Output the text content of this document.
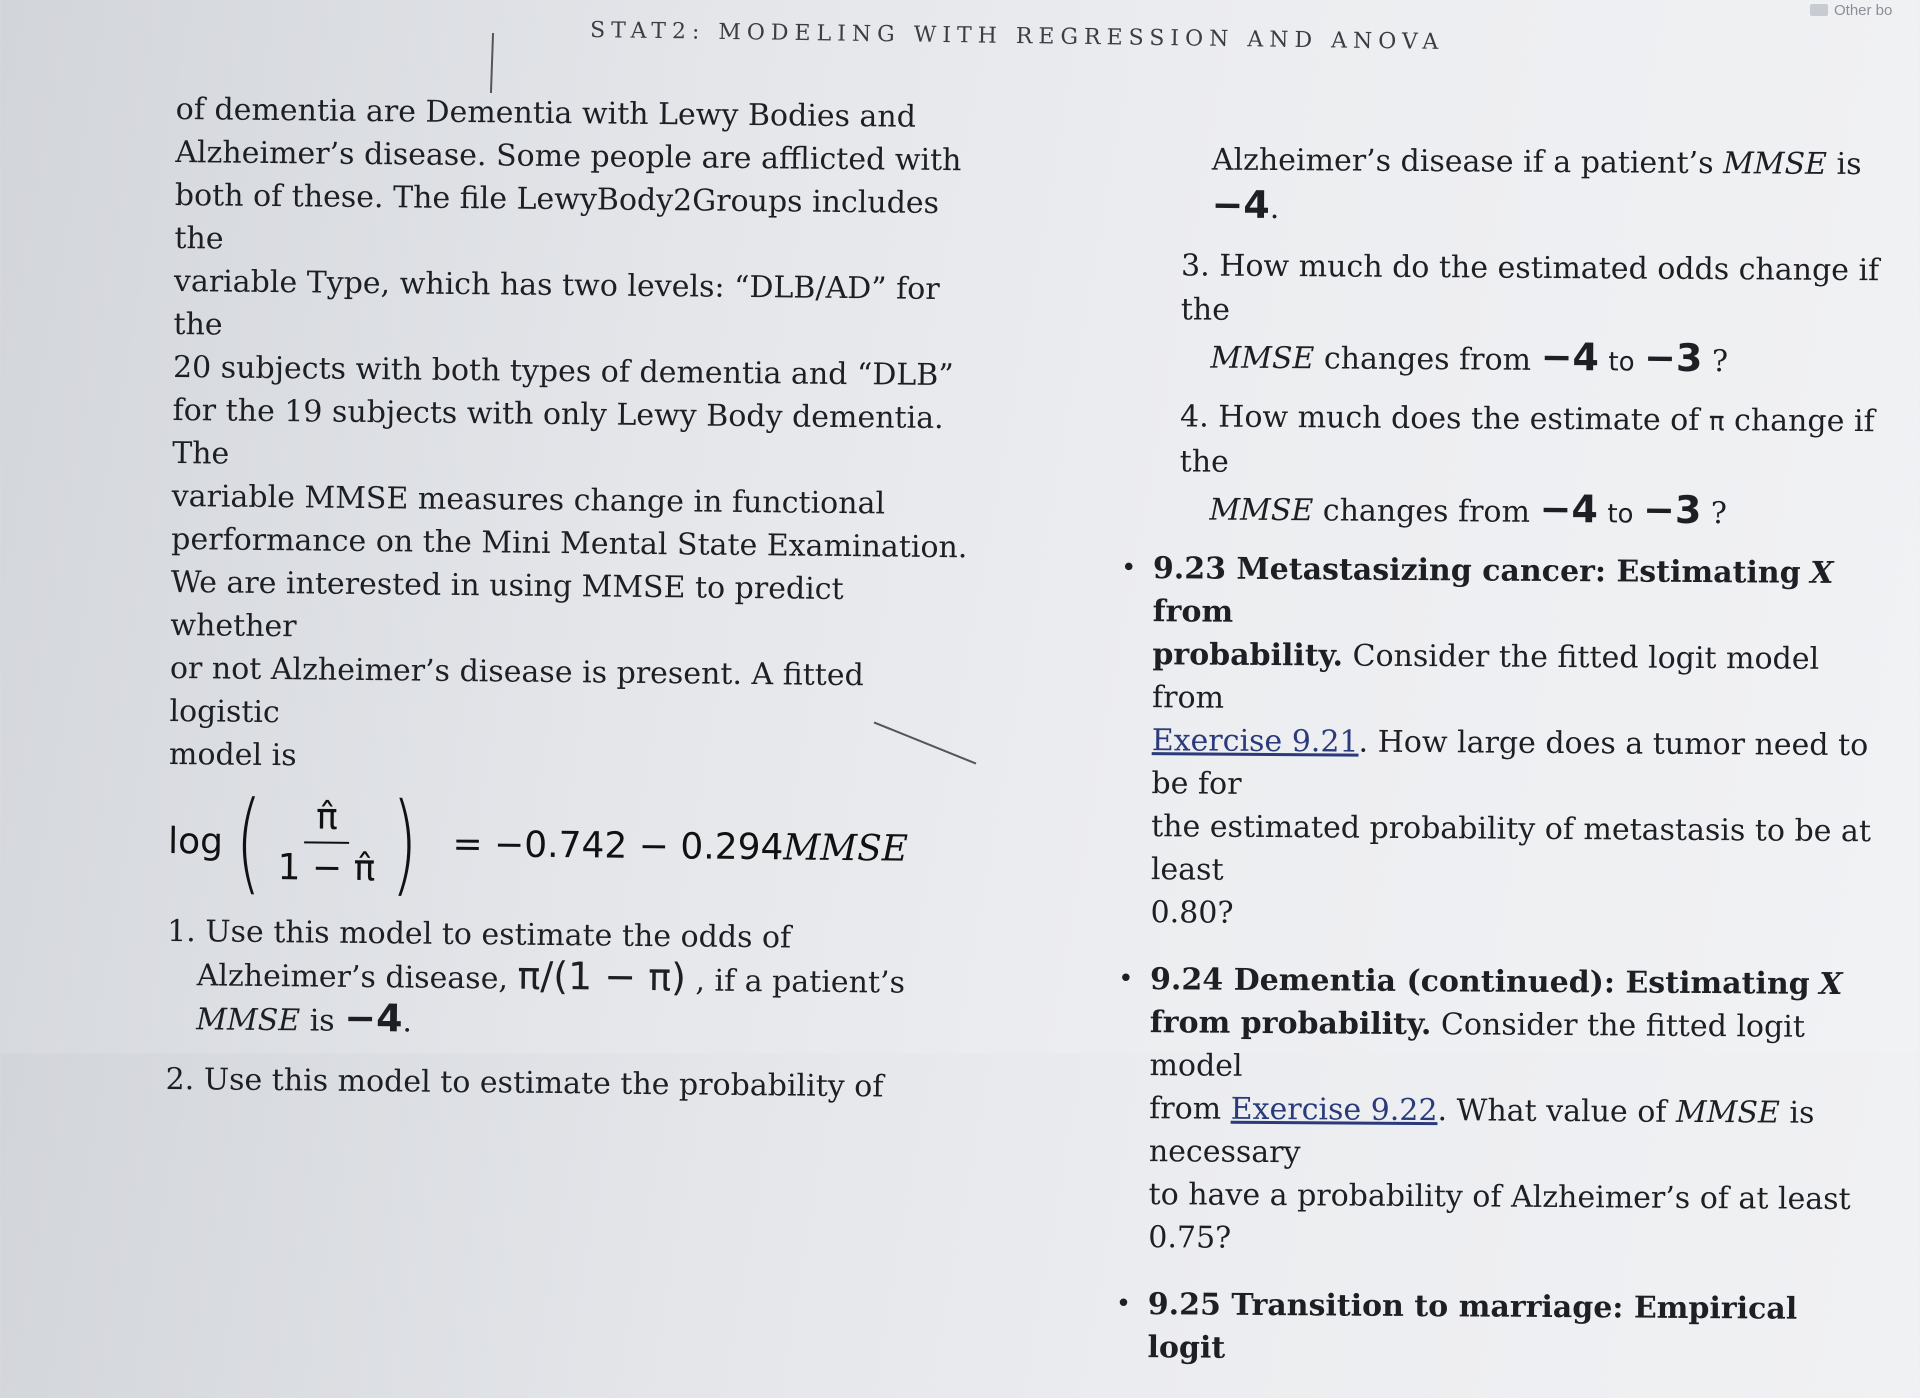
Other bo
STAT2: MODELING WITH REGRESSION AND ANOVA

of dementia are Dementia with Lewy Bodies and

Alzheimer’s disease. Some people are afflicted with

both of these. The file LewyBody2Groups includes the

variable Type, which has two levels: “DLB/AD” for the

20 subjects with both types of dementia and “DLB”

for the 19 subjects with only Lewy Body dementia. The

variable MMSE measures change in functional

performance on the Mini Mental State Examination.

We are interested in using MMSE to predict whether

or not Alzheimer’s disease is present. A fitted logistic

model is

log ( $\frac{\pî}{1 - \pî}$ ) = −0.742 − 0.294MMSE
1. Use this model to estimate the odds of
Alzheimer’s disease, π/(1 − π) , if a patient’s
MMSE is −4.
2. Use this model to estimate the probability of
Alzheimer’s disease if a patient’s MMSE is −4.
3. How much do the estimated odds change if the
MMSE changes from −4 to −3 ?
4. How much does the estimate of π change if the
MMSE changes from −4 to −3 ?
• 9.23 Metastasizing cancer: Estimating X from
probability. Consider the fitted logit model from
Exercise 9.21. How large does a tumor need to be for
the estimated probability of metastasis to be at least
0.80?
• 9.24 Dementia (continued): Estimating X
from probability. Consider the fitted logit model
from Exercise 9.22. What value of MMSE is necessary
to have a probability of Alzheimer’s of at least 0.75?
• 9.25 Transition to marriage: Empirical logit
